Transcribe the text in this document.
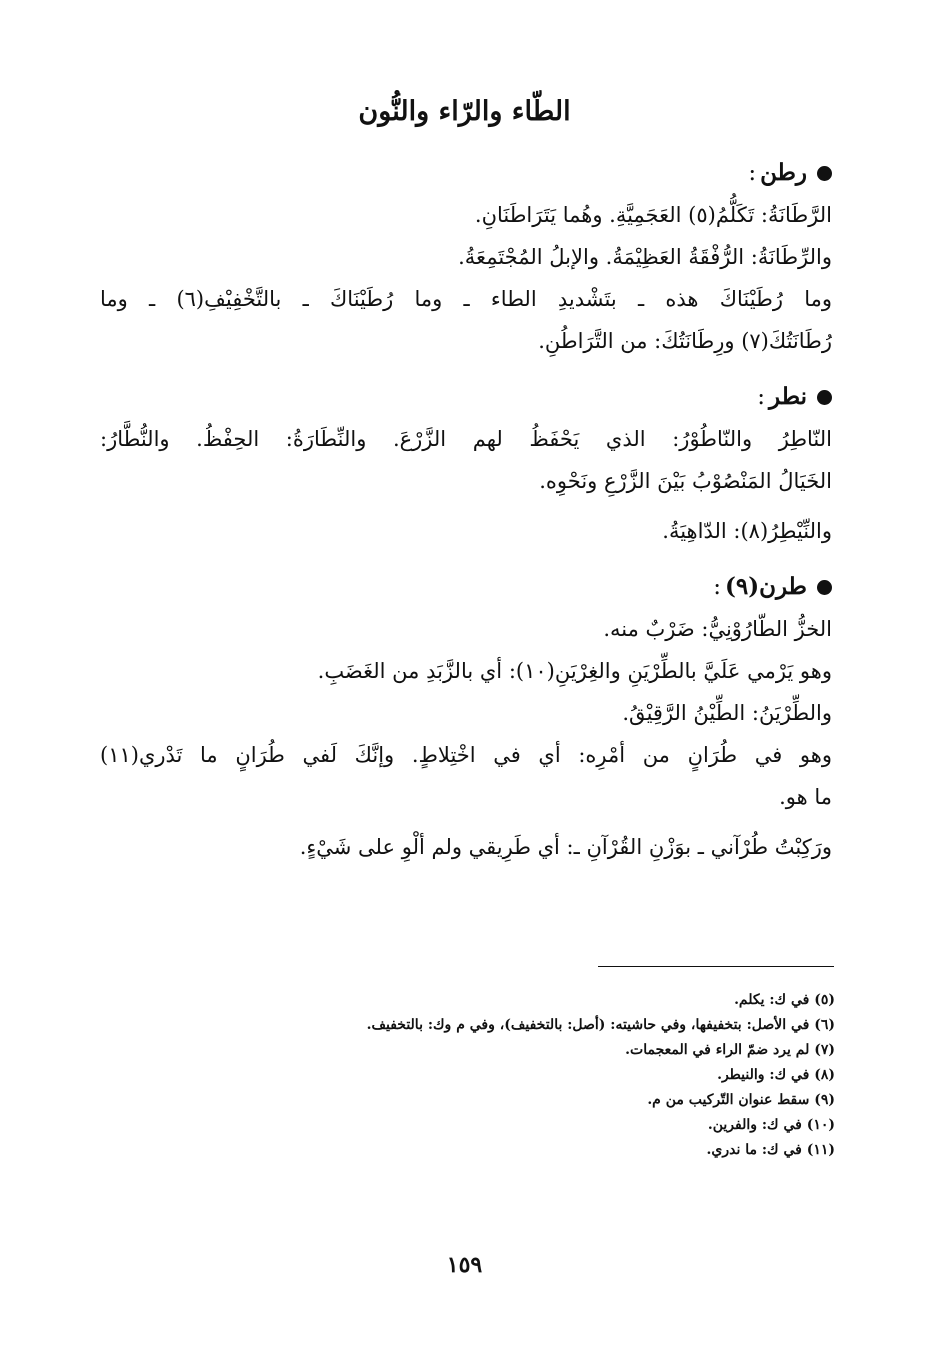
الطّاء والرّاء والنُّون
رطن
:

الرَّطَانَةُ: تَكَلُّمُ(٥) العَجَمِيَّةِ. وهُما يَتَرَاطَنَانِ.

والرِّطَانَةُ: الرُّفْقَةُ العَظِيْمَةُ. والإبلُ المُجْتَمِعَةُ.

وما رُطَيْنَاكَ هذه ـ بتَشْديدِ الطاء ـ وما رُطَيْنَاكَ ـ بالتَّخْفِيْفِ(٦) ـ وما

رُطَانَتُكَ(٧) ورِطَانَتُكَ: من التَّرَاطُنِ.

نطر
:

النّاطِرُ والنّاطُوْرُ: الذي يَحْفَظُ لهم الزَّرْعَ. والنِّطَارَةُ: الحِفْظُ. والنُّطَّارُ:

الخَيَالُ المَنْصُوْبُ بَيْنَ الزَّرْعِ ونَحْوِه.

والنِّيْطِرُ(٨): الدّاهِيَةُ.

طرن(٩)
:

الخزُّ الطّارُوْنِيُّ: ضَرْبٌ منه.

وهو يَرْمي عَلَيَّ بالطِّرْيَنِ والغِرْيَنِ(١٠): أي بالزَّبَدِ من الغَضَبِ.

والطِّرْيَنُ: الطِّيْنُ الرَّقِيْقُ.

وهو في طُرَانٍ من أمْرِه: أي في اخْتِلاطٍ. وإنَّكَ لَفي طُرَانٍ ما تَدْري(١١)

ما هو.

ورَكِبْتُ طُرْآني ـ بوَزْنِ القُرْآنِ ـ: أي طَرِيقي ولم ألْوِ على شَيْءٍ.

(٥) في ك: يكلم.

(٦) في الأصل: بتخفيفها، وفي حاشيته: (أصل: بالتخفيف)، وفي م وك: بالتخفيف.

(٧) لم يرد ضمّ الراء في المعجمات.

(٨) في ك: والنيطر.

(٩) سقط عنوان التّركيب من م.

(١٠) في ك: والفرين.

(١١) في ك: ما ندري.

١٥٩
